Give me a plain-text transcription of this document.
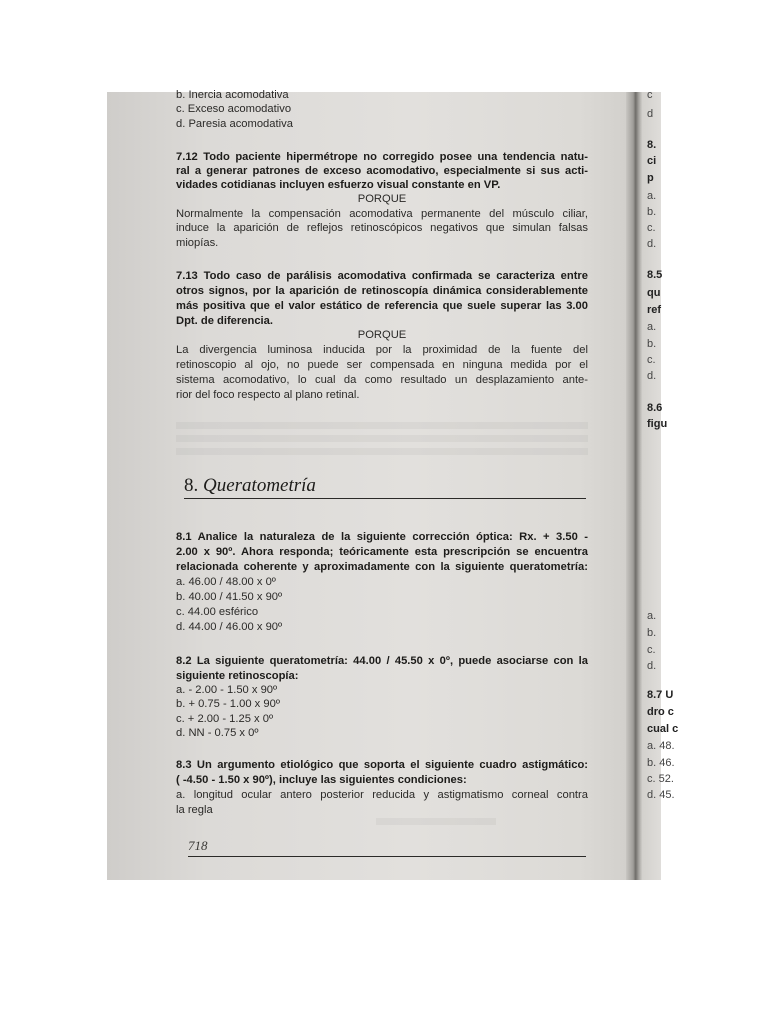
b. Inercia acomodativa
c. Exceso acomodativo
d. Paresia acomodativa
7.12 Todo paciente hipermétrope no corregido posee una tendencia natu-
ral a generar patrones de exceso acomodativo, especialmente si sus acti-
vidades cotidianas incluyen esfuerzo visual constante en VP.
PORQUE
Normalmente la compensación acomodativa permanente del músculo ciliar,
induce la aparición de reflejos retinoscópicos negativos que simulan falsas
miopías.
7.13 Todo caso de parálisis acomodativa confirmada se caracteriza entre
otros signos, por la aparición de retinoscopía dinámica considerablemente
más positiva que el valor estático de referencia que suele superar las 3.00
Dpt. de diferencia.
PORQUE
La divergencia luminosa inducida por la proximidad de la fuente del
retinoscopio al ojo, no puede ser compensada en ninguna medida por el
sistema acomodativo, lo cual da como resultado un desplazamiento ante-
rior del foco respecto al plano retinal.
8. Queratometría
8.1 Analice la naturaleza de la siguiente corrección óptica: Rx. + 3.50 -
2.00 x 90º. Ahora responda; teóricamente esta prescripción se encuentra
relacionada coherente y aproximadamente con la siguiente queratometría:
a. 46.00 / 48.00 x 0º
b. 40.00 / 41.50 x 90º
c. 44.00 esférico
d. 44.00 / 46.00 x 90º
8.2 La siguiente queratometría: 44.00 / 45.50 x 0º, puede asociarse con la
siguiente retinoscopía:
a. - 2.00 - 1.50 x 90º
b. + 0.75 - 1.00 x 90º
c. + 2.00 - 1.25 x 0º
d. NN - 0.75 x 0º
8.3 Un argumento etiológico que soporta el siguiente cuadro astigmático:
( -4.50 - 1.50 x 90º), incluye las siguientes condiciones:
a. longitud ocular antero posterior reducida y astigmatismo corneal contra
la regla
718
c
d
8.
ci
p
a.
b.
c.
d.
8.5
qu
ref
a.
b.
c.
d.
8.6
figu
a.
b.
c.
d.
8.7 U
dro c
cual c
a. 48.
b. 46.
c. 52.
d. 45.
